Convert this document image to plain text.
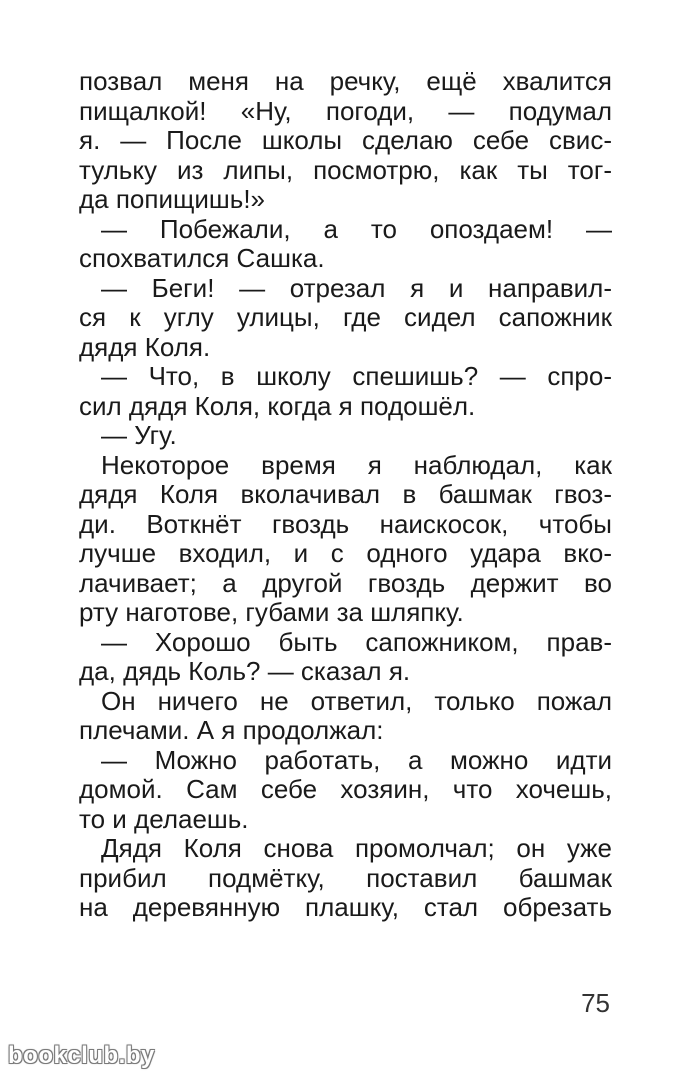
позвал меня на речку, ещё хвалится
пищалкой! «Ну, погоди, — подумал
я. — После школы сделаю себе свис-
тульку из липы, посмотрю, как ты тог-
да попищишь!»
— Побежали, а то опоздаем! —
спохватился Сашка.
— Беги! — отрезал я и направил-
ся к углу улицы, где сидел сапожник
дядя Коля.
— Что, в школу спешишь? — спро-
сил дядя Коля, когда я подошёл.
— Угу.
Некоторое время я наблюдал, как
дядя Коля вколачивал в башмак гвоз-
ди. Воткнёт гвоздь наискосок, чтобы
лучше входил, и с одного удара вко-
лачивает; а другой гвоздь держит во
рту наготове, губами за шляпку.
— Хорошо быть сапожником, прав-
да, дядь Коль? — сказал я.
Он ничего не ответил, только пожал
плечами. А я продолжал:
— Можно работать, а можно идти
домой. Сам себе хозяин, что хочешь,
то и делаешь.
Дядя Коля снова промолчал; он уже
прибил подмётку, поставил башмак
на деревянную плашку, стал обрезать
75
bookclub.by
